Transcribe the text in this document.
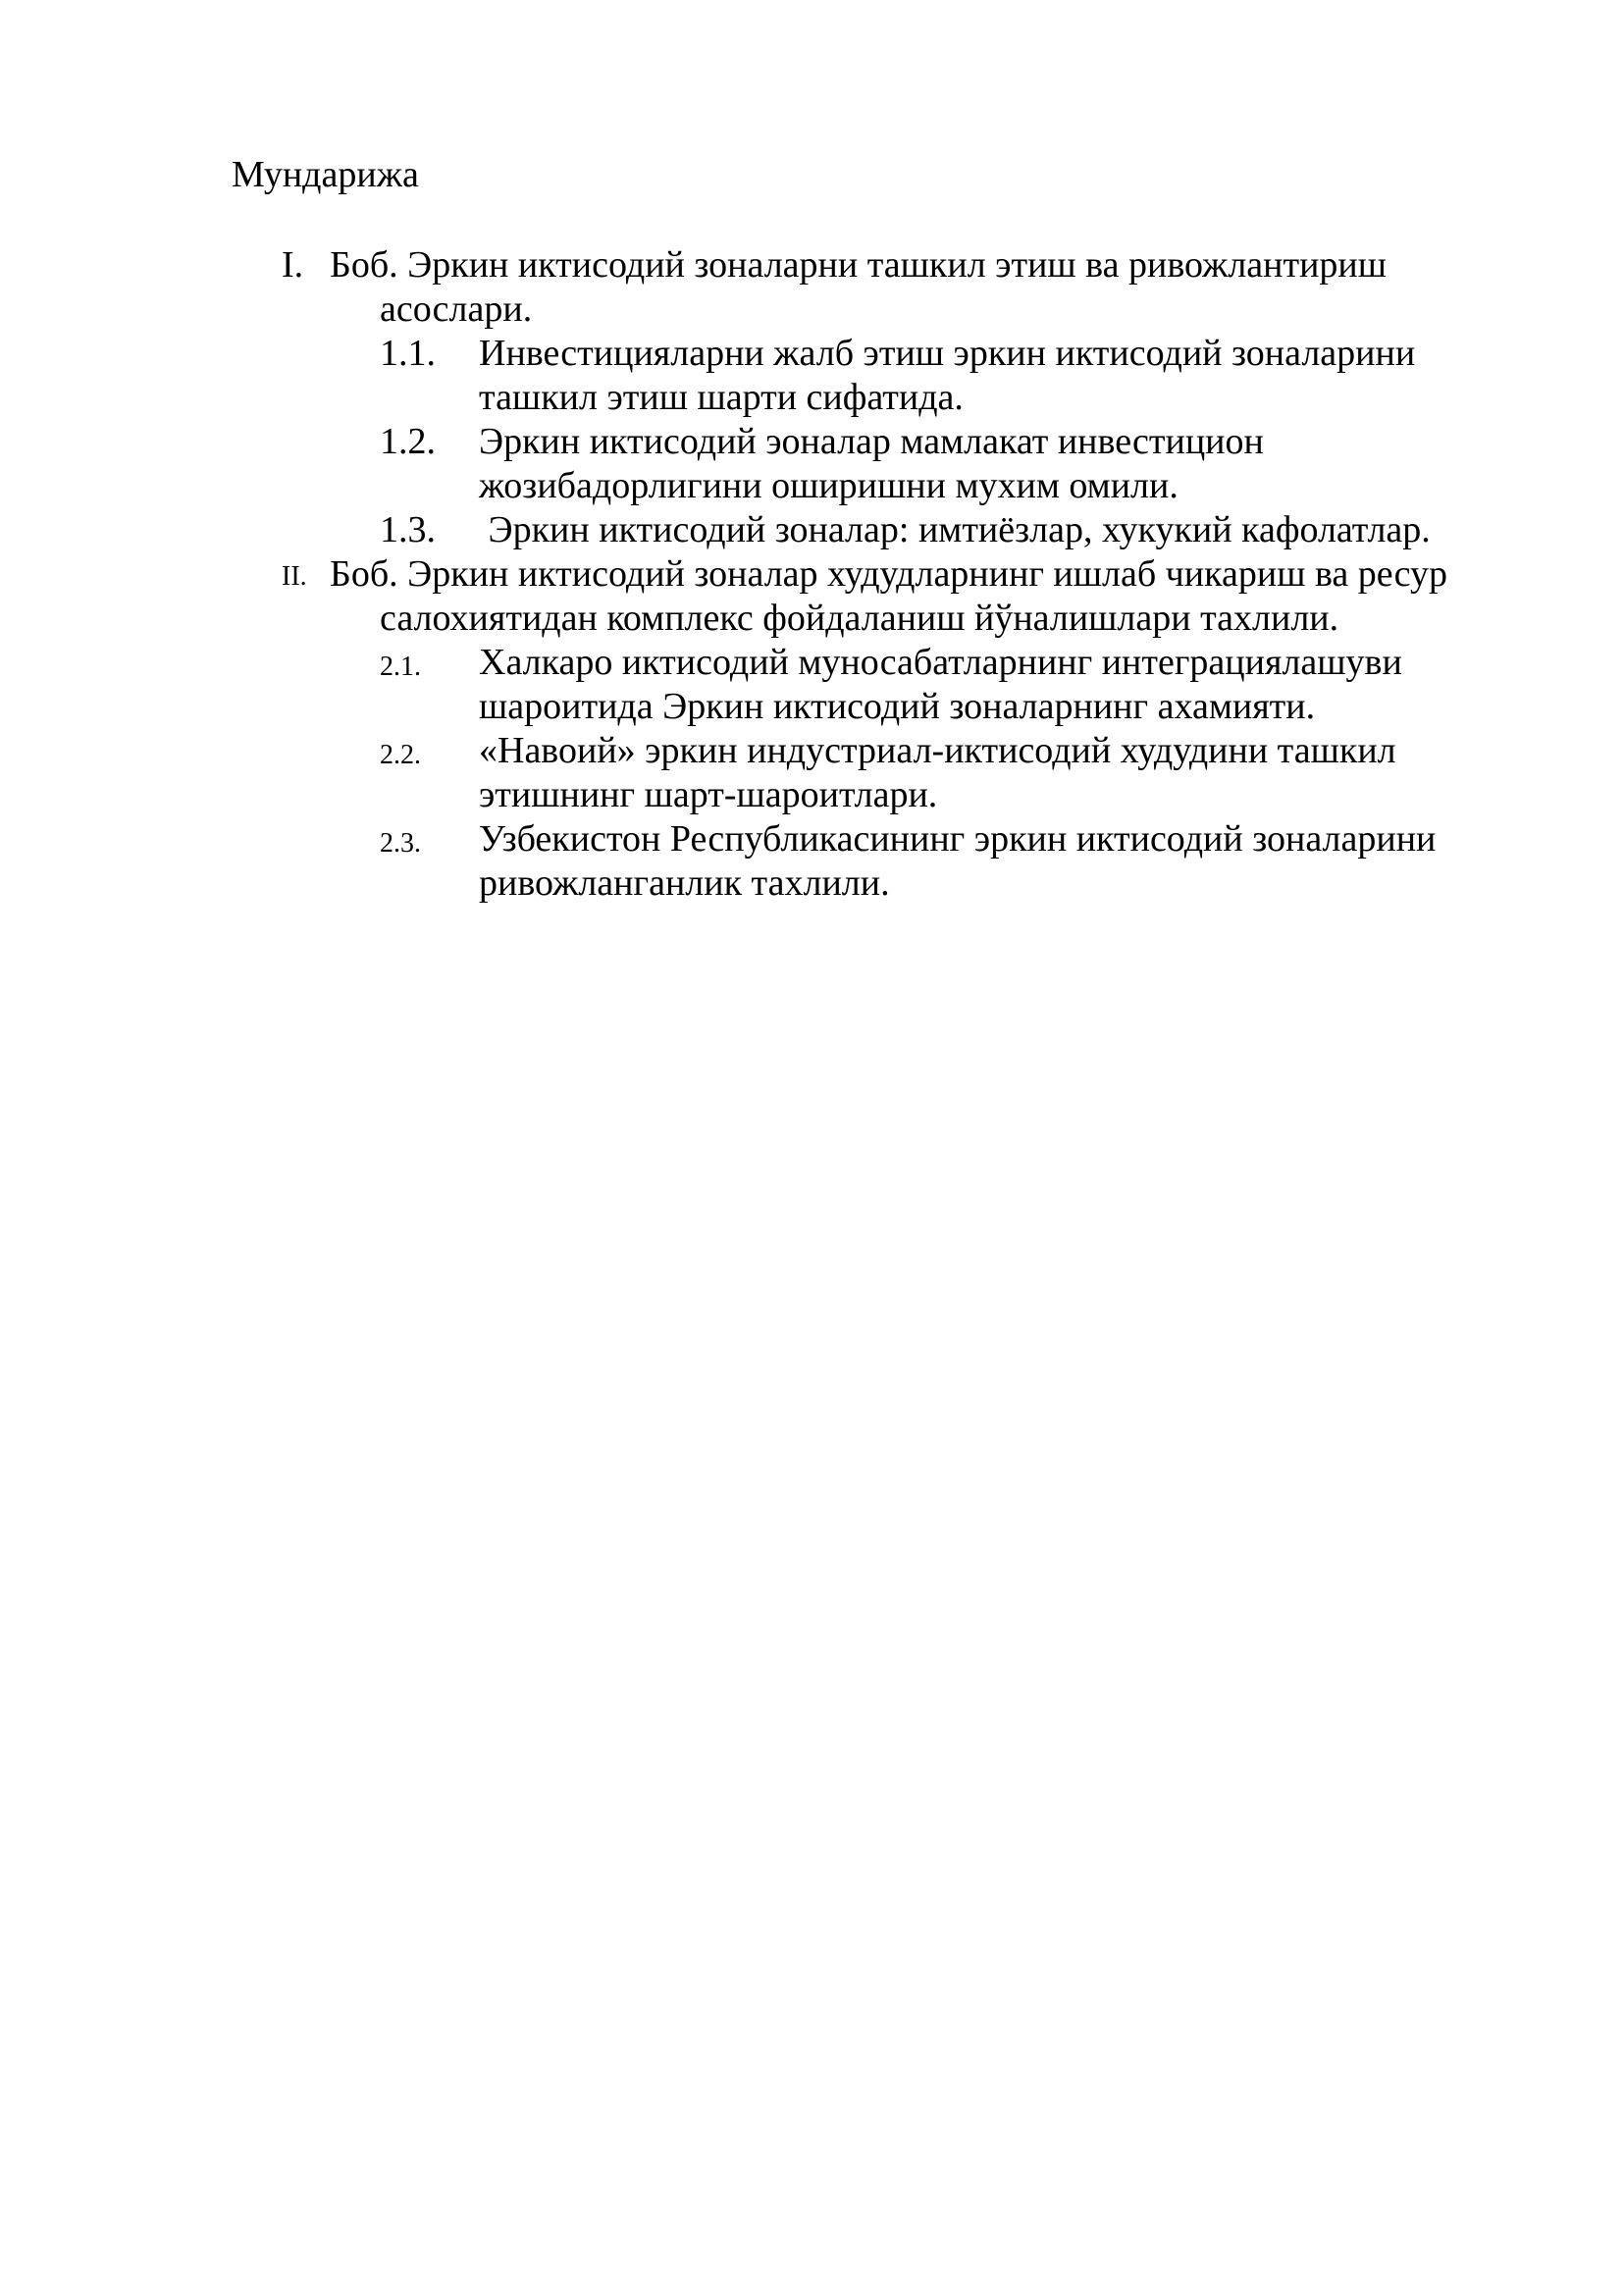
Мундарижа
I. Боб. Эркин иктисодий зоналарни ташкил этиш ва ривожлантириш
асослари.
1.1. Инвестицияларни жалб этиш эркин иктисодий зоналарини
ташкил этиш шарти сифатида.
1.2. Эркин иктисодий эоналар мамлакат инвестицион
жозибадорлигини оширишни мухим омили.
1.3. Эркин иктисодий зоналар: имтиёзлар, хукукий кафолатлар.
II. Боб. Эркин иктисодий зоналар худудларнинг ишлаб чикариш ва ресур
салохиятидан комплекс фойдаланиш йўналишлари тахлили.
2.1. Халкаро иктисодий муносабатларнинг интеграциялашуви
шароитида Эркин иктисодий зоналарнинг ахамияти.
2.2. «Навоий» эркин индустриал-иктисодий худудини ташкил
этишнинг шарт-шароитлари.
2.3. Узбекистон Республикасининг эркин иктисодий зоналарини
ривожланганлик тахлили.
